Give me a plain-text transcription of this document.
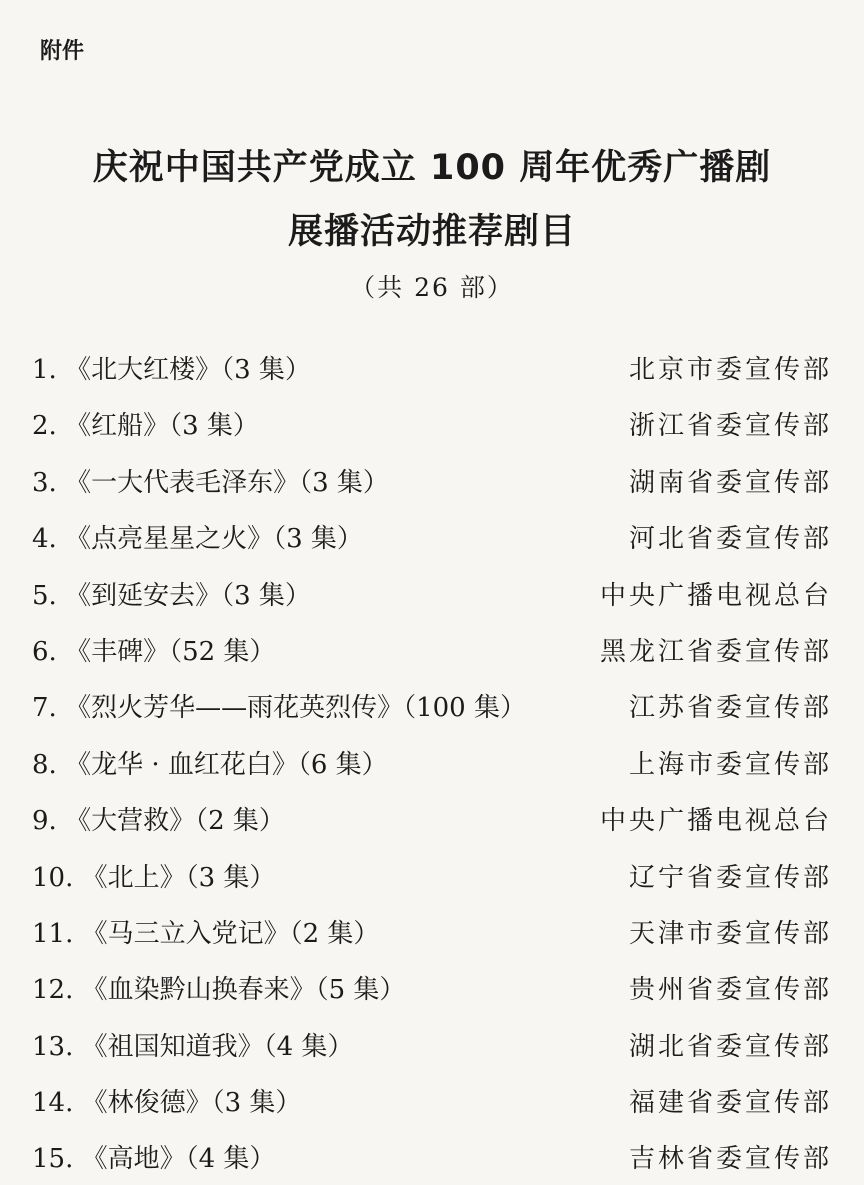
附件
庆祝中国共产党成立 100 周年优秀广播剧
展播活动推荐剧目
（共 26 部）
1. 《北大红楼》（3 集）	北京市委宣传部
2. 《红船》（3 集）	浙江省委宣传部
3. 《一大代表毛泽东》（3 集）	湖南省委宣传部
4. 《点亮星星之火》（3 集）	河北省委宣传部
5. 《到延安去》（3 集）	中央广播电视总台
6. 《丰碑》（52 集）	黑龙江省委宣传部
7. 《烈火芳华——雨花英烈传》（100 集）	江苏省委宣传部
8. 《龙华 · 血红花白》（6 集）	上海市委宣传部
9. 《大营救》（2 集）	中央广播电视总台
10. 《北上》（3 集）	辽宁省委宣传部
11. 《马三立入党记》（2 集）	天津市委宣传部
12. 《血染黔山换春来》（5 集）	贵州省委宣传部
13. 《祖国知道我》（4 集）	湖北省委宣传部
14. 《林俊德》（3 集）	福建省委宣传部
15. 《高地》（4 集）	吉林省委宣传部
